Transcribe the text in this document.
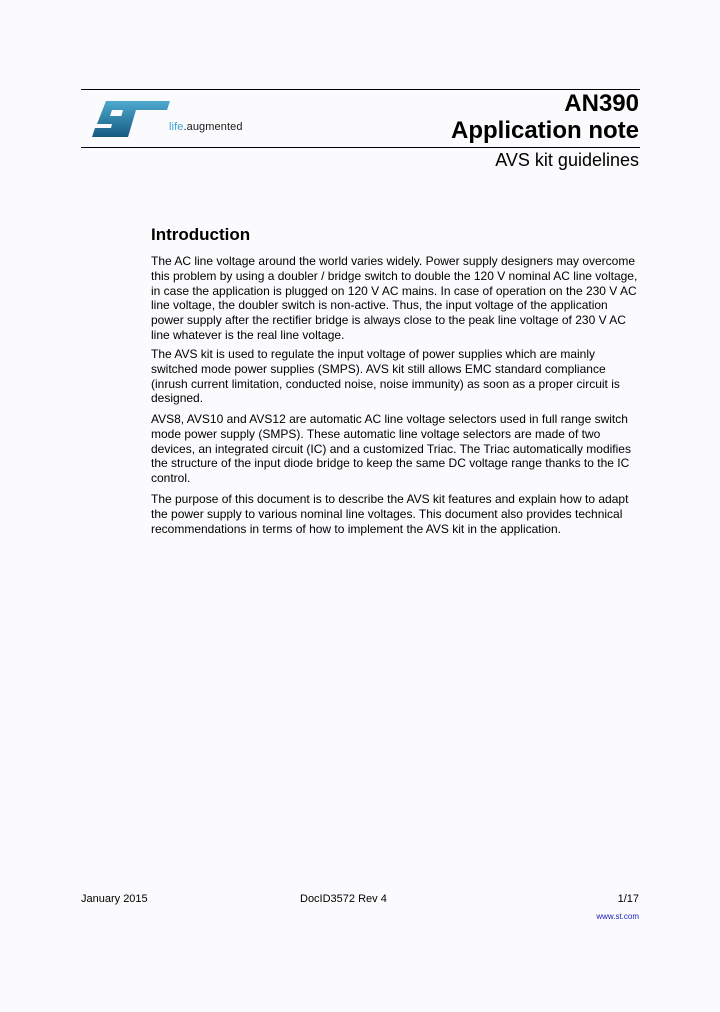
life.augmented
AN390
Application note
AVS kit guidelines
Introduction
The AC line voltage around the world varies widely. Power supply designers may overcome this problem by using a doubler / bridge switch to double the 120 V nominal AC line voltage, in case the application is plugged on 120 V AC mains. In case of operation on the 230 V AC line voltage, the doubler switch is non-active. Thus, the input voltage of the application power supply after the rectifier bridge is always close to the peak line voltage of 230 V AC line whatever is the real line voltage.
The AVS kit is used to regulate the input voltage of power supplies which are mainly switched mode power supplies (SMPS). AVS kit still allows EMC standard compliance (inrush current limitation, conducted noise, noise immunity) as soon as a proper circuit is designed.
AVS8, AVS10 and AVS12 are automatic AC line voltage selectors used in full range switch mode power supply (SMPS). These automatic line voltage selectors are made of two devices, an integrated circuit (IC) and a customized Triac. The Triac automatically modifies the structure of the input diode bridge to keep the same DC voltage range thanks to the IC control.
The purpose of this document is to describe the AVS kit features and explain how to adapt the power supply to various nominal line voltages. This document also provides technical recommendations in terms of how to implement the AVS kit in the application.
January 2015	DocID3572 Rev 4	1/17
www.st.com
